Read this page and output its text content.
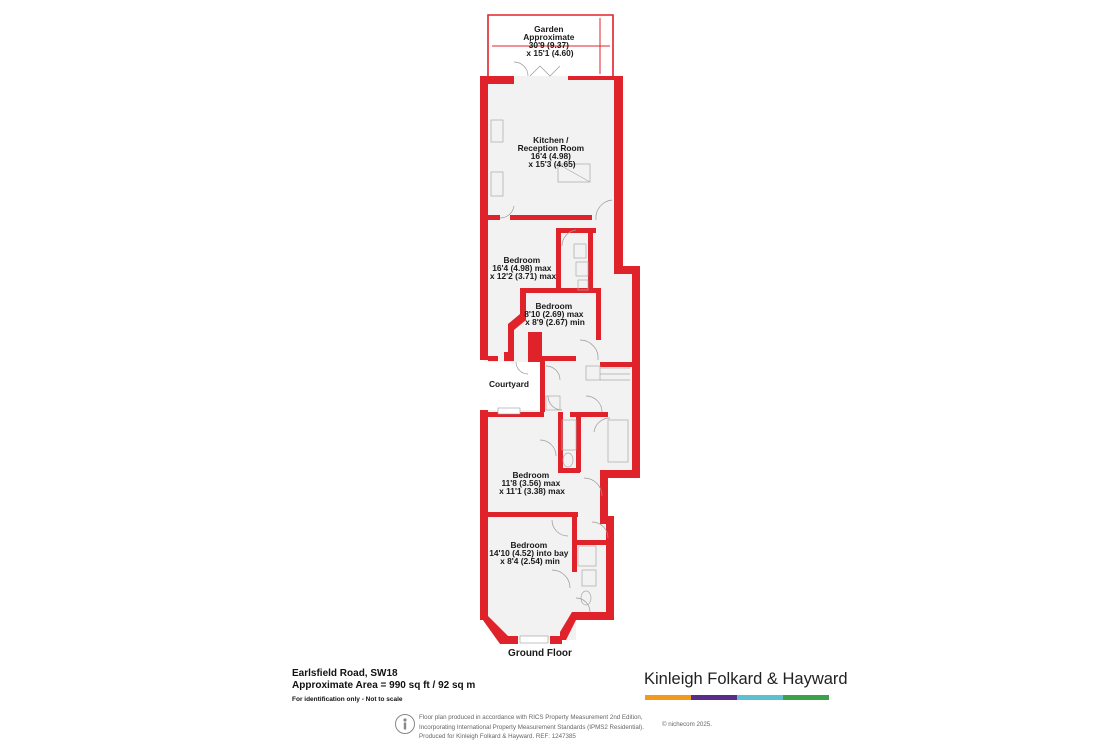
Garden Approximate 30'9 (9.37) x 15'1 (4.60)
Kitchen / Reception Room 16'4 (4.98) x 15'3 (4.65)
Bedroom 16'4 (4.98) max x 12'2 (3.71) max
Bedroom 8'10 (2.69) max x 8'9 (2.67) min
Courtyard
Bedroom 11'8 (3.56) max x 11'1 (3.38) max
Bedroom 14'10 (4.52) into bay x 8'4 (2.54) min
Ground Floor
Earlsfield Road, SW18
Approximate Area = 990 sq ft / 92 sq m
For identification only - Not to scale
Kinleigh Folkard & Hayward
Floor plan produced in accordance with RICS Property Measurement 2nd Edition,
Incorporating International Property Measurement Standards (IPMS2 Residential).
Produced for Kinleigh Folkard & Hayward. REF: 1247385
© nichecom 2025.
